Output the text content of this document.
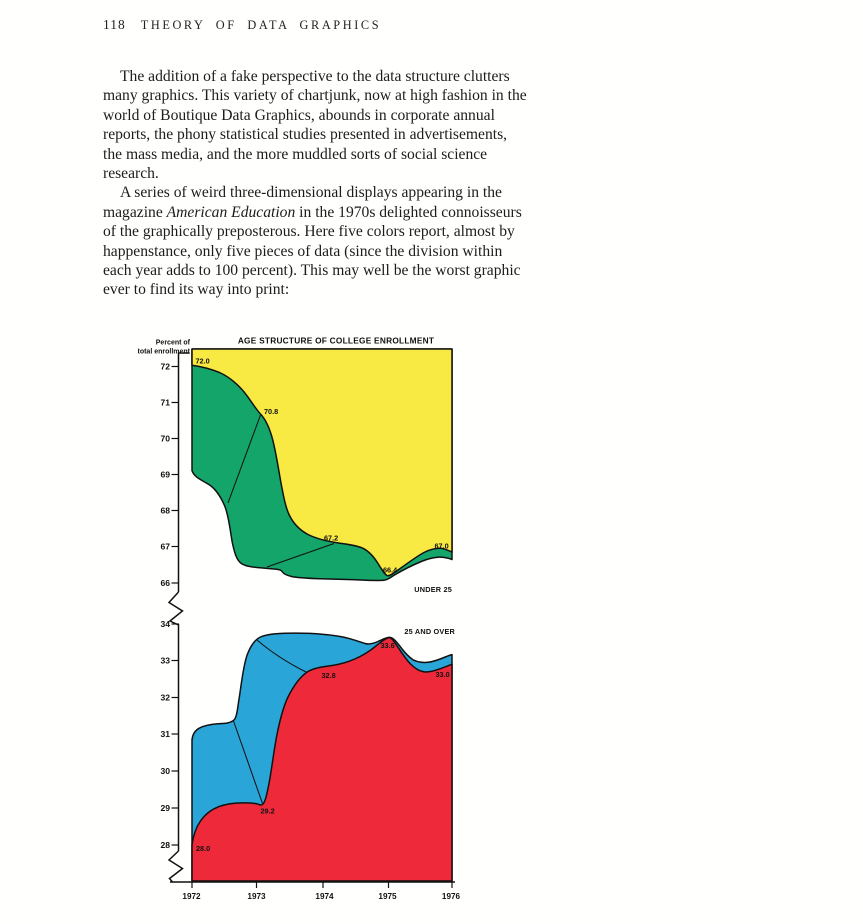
118 THEORY OF DATA GRAPHICS

The addition of a fake perspective to the data structure clutters many graphics. This variety of chartjunk, now at high fashion in the world of Boutique Data Graphics, abounds in corporate annual reports, the phony statistical studies presented in advertisements, the mass media, and the more muddled sorts of social science research.

A series of weird three-dimensional displays appearing in the magazine American Education in the 1970s delighted connoisseurs of the graphically preposterous. Here five colors report, almost by happenstance, only five pieces of data (since the division within each year adds to 100 percent). This may well be the worst graphic ever to find its way into print:

72.0
70.8
67.2
66.4
67.0
UNDER 25
28.0
29.2
32.8
33.6
33.0
25 AND OVER
72
71
70
69
68
67
66
34
33
32
31
30
29
28
1972	1973	1974	1975	1976
AGE STRUCTURE OF COLLEGE ENROLLMENT
Percent of
total enrollment
